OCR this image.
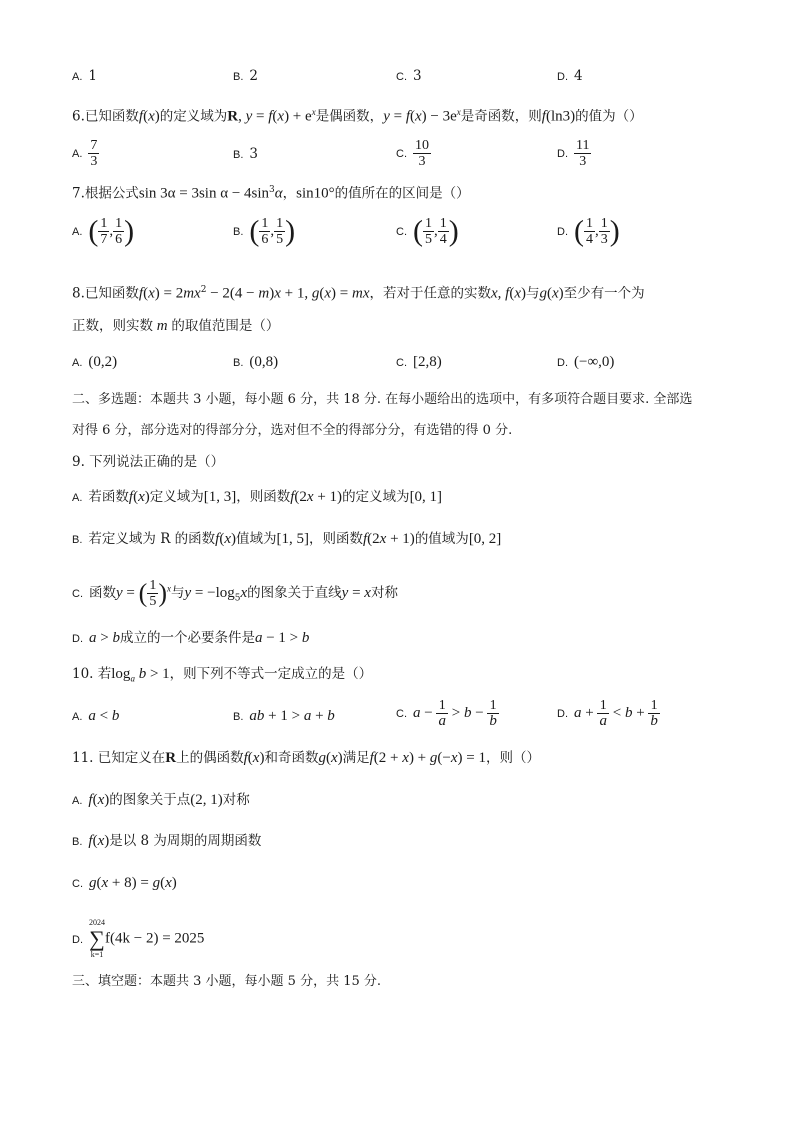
A. 1	B. 2	C. 3	D. 4
6.已知函数f(x)的定义域为R, $y = f(x) + e^x$是偶函数，$y = f(x) - 3e^x$是奇函数，则f(ln3)的值为（）
A. $\frac{7}{3}$	B. 3	C. $\frac{10}{3}$	D. $\frac{11}{3}$
7.根据公式sin 3α = 3sin $\alpha - 4\sin^3\alpha$，sin10°的值所在的区间是（）
A. ( $\frac{1}{7}$ , $\frac{1}{6}$ )	B. ( $\frac{1}{6}$ , $\frac{1}{5}$ )	C. ( $\frac{1}{5}$ , $\frac{1}{4}$ )	D. ( $\frac{1}{4}$ , $\frac{1}{3}$ )
8.已知函数$f(x) = 2mx^2 - 2(4 - m)x + 1$, g(x) = mx，若对于任意的实数x, f(x)与g(x)至少有一个为
正数，则实数 m 的取值范围是（）
A. (0,2)	B. (0,8)	C. [2,8)	D. (−∞,0)
二、多选题：本题共 3 小题，每小题 6 分，共 18 分. 在每小题给出的选项中，有多项符合题目要求. 全部选
对得 6 分，部分选对的得部分分，选对但不全的得部分分，有选错的得 0 分.
9. 下列说法正确的是（）
A. 若函数f(x)定义域为[1, 3]，则函数f(2x + 1)的定义域为[0, 1]
B. 若定义域为 R 的函数f(x)值域为[1, 5]，则函数f(2x + 1)的值域为[0, 2]
C. 函数y = ( $\frac{1}{5} )^x$与$y = -\log_5x$的图象关于直线y = x对称
D. a > b成立的一个必要条件是a − 1 > b
10. 若$\log_a b > 1$，则下列不等式一定成立的是（）
A. a < b	B. ab + 1 > a + b	C. $a - \frac{1}{a} > b - \frac{1}{b}$	D. $a + \frac{1}{a} < b + \frac{1}{b}$
11. 已知定义在R上的偶函数f(x)和奇函数g(x)满足f(2 + x) + g(−x) = 1，则（）
A. f(x)的图象关于点(2, 1)对称
B. f(x)是以 8 为周期的周期函数
C. g(x + 8) = g(x)
D.
2024
∑
k=1
f(4k − 2) = 2025
三、填空题：本题共 3 小题，每小题 5 分，共 15 分.
